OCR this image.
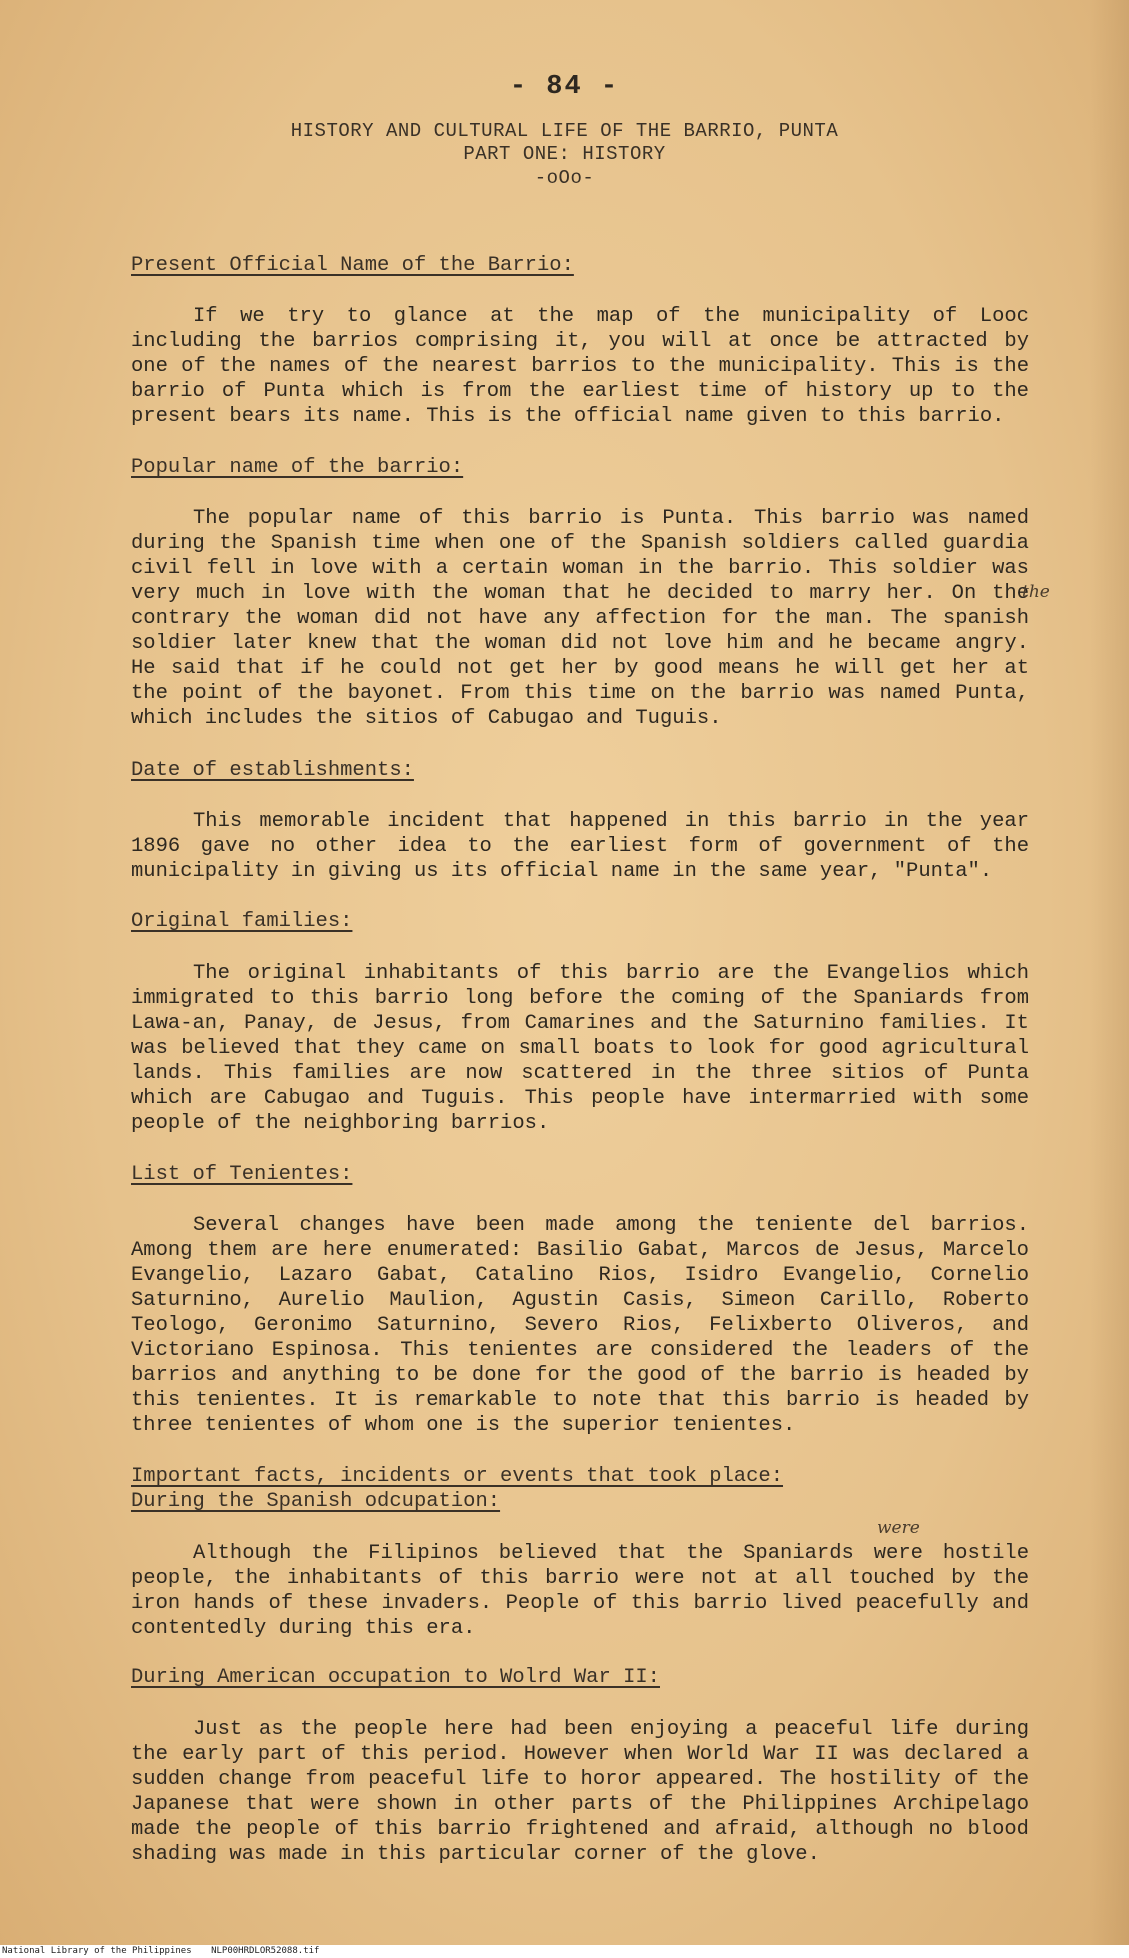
- 84 -
HISTORY AND CULTURAL LIFE OF THE BARRIO, PUNTA
PART ONE: HISTORY
-oOo-
Present Official Name of the Barrio:

If we try to glance at the map of the municipality of Looc including the barrios comprising it, you will at once be attracted by one of the names of the nearest barrios to the municipality. This is the barrio of Punta which is from the earliest time of history up to the present bears its name. This is the official name given to this barrio.

Popular name of the barrio:

The popular name of this barrio is Punta. This barrio was named during the Spanish time when one of the Spanish soldiers called guardia civil fell in love with a certain woman in the barrio. This soldier was very much in love with the woman that he decided to marry her. On the contrary the woman did not have any affection for the man. The spanish soldier later knew that the woman did not love him and he became angry. He said that if he could not get her by good means he will get her at the point of the bayonet. From this time on the barrio was named Punta, which includes the sitios of Cabugao and Tuguis.

the
Date of establishments:

This memorable incident that happened in this barrio in the year 1896 gave no other idea to the earliest form of government of the municipality in giving us its official name in the same year, "Punta".

Original families:

The original inhabitants of this barrio are the Evangelios which immigrated to this barrio long before the coming of the Spaniards from Lawa-an, Panay, de Jesus, from Camarines and the Saturnino families. It was believed that they came on small boats to look for good agricultural lands. This families are now scattered in the three sitios of Punta which are Cabugao and Tuguis. This people have intermarried with some people of the neighboring barrios.

List of Tenientes:

Several changes have been made among the teniente del barrios. Among them are here enumerated: Basilio Gabat, Marcos de Jesus, Marcelo Evangelio, Lazaro Gabat, Catalino Rios, Isidro Evangelio, Cornelio Saturnino, Aurelio Maulion, Agustin Casis, Simeon Carillo, Roberto Teologo, Geronimo Saturnino, Severo Rios, Felixberto Oliveros, and Victoriano Espinosa. This tenientes are considered the leaders of the barrios and anything to be done for the good of the barrio is headed by this tenientes. It is remarkable to note that this barrio is headed by three tenientes of whom one is the superior tenientes.

Important facts, incidents or events that took place:
During the Spanish odcupation:
were

Although the Filipinos believed that the Spaniards were hostile people, the inhabitants of this barrio were not at all touched by the iron hands of these invaders. People of this barrio lived peacefully and contentedly during this era.

During American occupation to Wolrd War II:

Just as the people here had been enjoying a peaceful life during the early part of this period. However when World War II was declared a sudden change from peaceful life to horor appeared. The hostility of the Japanese that were shown in other parts of the Philippines Archipelago made the people of this barrio frightened and afraid, although no blood shading was made in this particular corner of the glove.

National Library of the Philippines NLP00HRDLOR52088.tif
